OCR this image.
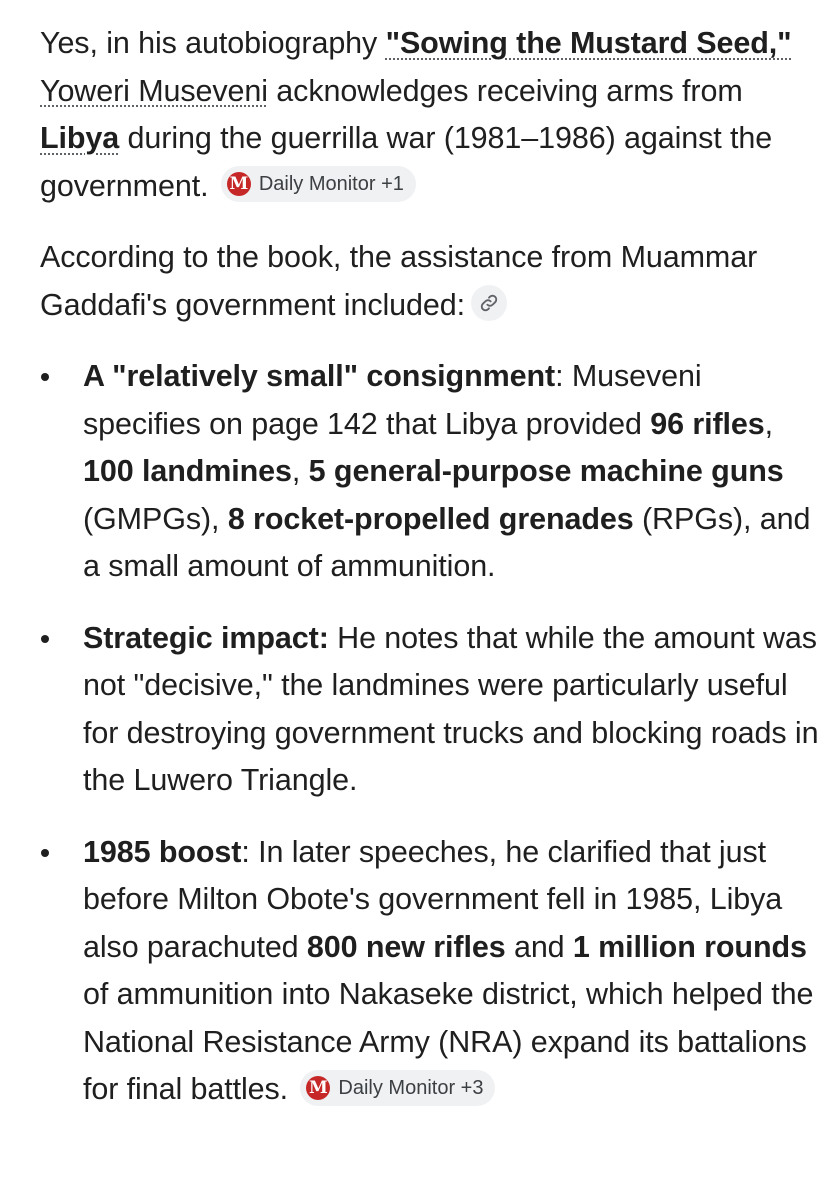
Yes, in his autobiography "Sowing the Mustard Seed," Yoweri Museveni acknowledges receiving arms from Libya during the guerrilla war (1981–1986) against the government. M Daily Monitor +1

According to the book, the assistance from Muammar Gaddafi's government included:

A "relatively small" consignment: Museveni specifies on page 142 that Libya provided 96 rifles, 100 landmines, 5 general-purpose machine guns (GMPGs), 8 rocket-propelled grenades (RPGs), and a small amount of ammunition.
Strategic impact: He notes that while the amount was not "decisive," the landmines were particularly useful for destroying government trucks and blocking roads in the Luwero Triangle.
1985 boost: In later speeches, he clarified that just before Milton Obote's government fell in 1985, Libya also parachuted 800 new rifles and 1 million rounds of ammunition into Nakaseke district, which helped the National Resistance Army (NRA) expand its battalions for final battles. M Daily Monitor +3
